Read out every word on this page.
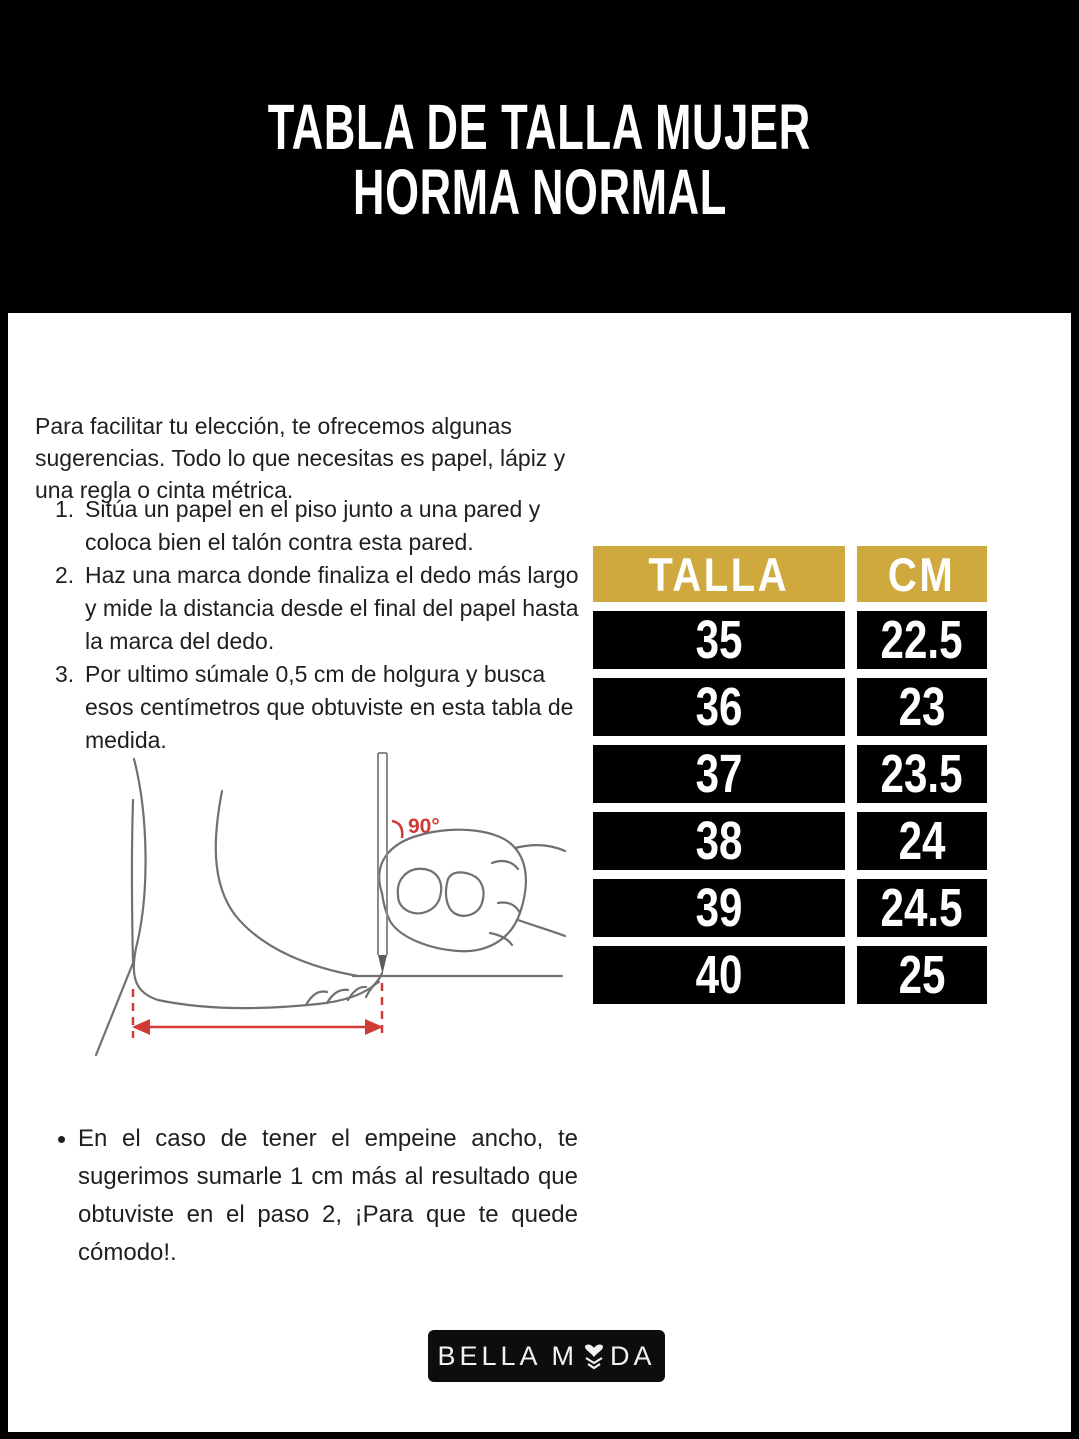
TABLA DE TALLA MUJER
HORMA NORMAL

Para facilitar tu elección, te ofrecemos algunas sugerencias. Todo lo que necesitas es papel, lápiz y una regla o cinta métrica.

Sitúa un papel en el piso junto a una pared y coloca bien el talón contra esta pared.
Haz una marca donde finaliza el dedo más largo y mide la distancia desde el final del papel hasta la marca del dedo.
Por ultimo súmale 0,5 cm de holgura y busca esos centímetros que obtuviste en esta tabla de medida.
90°
TALLA CM
35	22.5
36	23
37	23.5
38	24
39	24.5
40	25

• En el caso de tener el empeine ancho, te sugerimos sumarle 1 cm más al resultado que obtuviste en el paso 2, ¡Para que te quede cómodo!.

BELLA M DA
